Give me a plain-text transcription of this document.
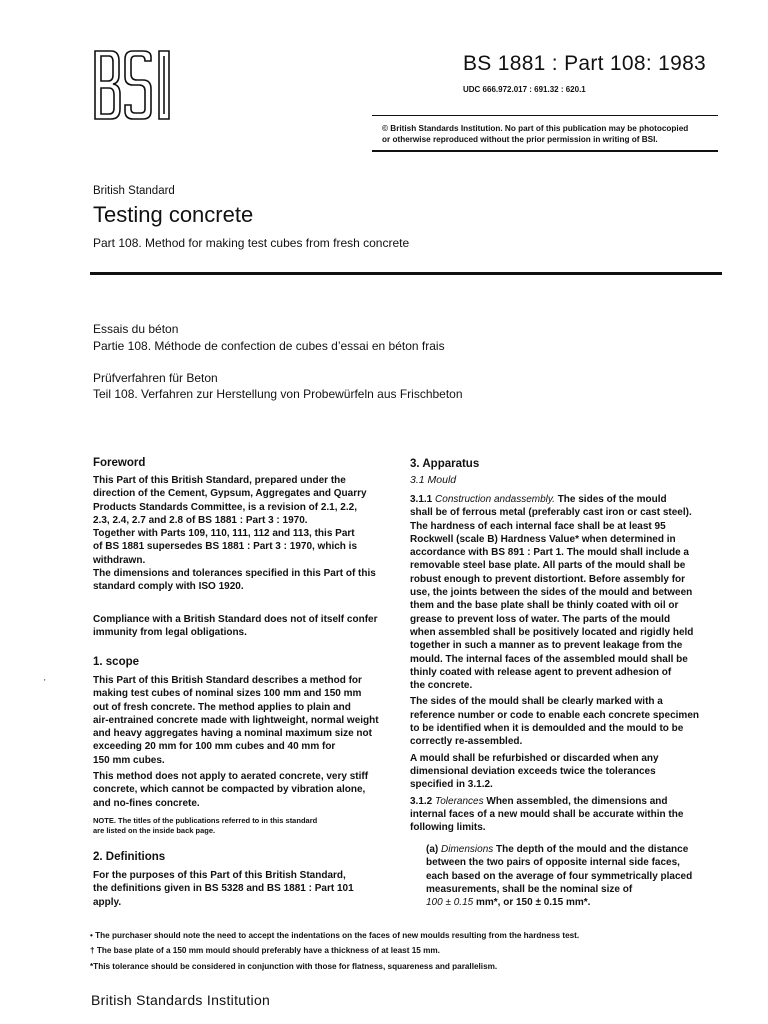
BS 1881 : Part 108: 1983
UDC 666.972.017 : 691.32 : 620.1
© British Standards Institution. No part of this publication may be photocopied
or otherwise reproduced without the prior permission in writing of BSI.
British Standard
Testing concrete
Part 108. Method for making test cubes from fresh concrete
Essais du béton
Partie 108. Méthode de confection de cubes d’essai en béton frais
Prüfverfahren für Beton
Teil 108. Verfahren zur Herstellung von Probewürfeln aus Frischbeton
Foreword

This Part of this British Standard, prepared under the

direction of the Cement, Gypsum, Aggregates and Quarry

Products Standards Committee, is a revision of 2.1, 2.2,

2.3, 2.4, 2.7 and 2.8 of BS 1881 : Part 3 : 1970.

Together with Parts 109, 110, 111, 112 and 113, this Part

of BS 1881 supersedes BS 1881 : Part 3 : 1970, which is

withdrawn.

The dimensions and tolerances specified in this Part of this

standard comply with ISO 1920.

Compliance with a British Standard does not of itself confer

immunity from legal obligations.

'
1. scope

This Part of this British Standard describes a method for

making test cubes of nominal sizes 100 mm and 150 mm

out of fresh concrete. The method applies to plain and

air-entrained concrete made with lightweight, normal weight

and heavy aggregates having a nominal maximum size not

exceeding 20 mm for 100 mm cubes and 40 mm for

150 mm cubes.

This method does not apply to aerated concrete, very stiff

concrete, which cannot be compacted by vibration alone,

and no-fines concrete.

NOTE. The titles of the publications referred to in this standard

are listed on the inside back page.

2. Definitions

For the purposes of this Part of this British Standard,

the definitions given in BS 5328 and BS 1881 : Part 101

apply.

3. Apparatus
3.1 Mould

3.1.1 Construction andassembly. The sides of the mould

shall be of ferrous metal (preferably cast iron or cast steel).

The hardness of each internal face shall be at least 95

Rockwell (scale B) Hardness Value* when determined in

accordance with BS 891 : Part 1. The mould shall include a

removable steel base plate. All parts of the mould shall be

robust enough to prevent distortiont. Before assembly for

use, the joints between the sides of the mould and between

them and the base plate shall be thinly coated with oil or

grease to prevent loss of water. The parts of the mould

when assembled shall be positively located and rigidly held

together in such a manner as to prevent leakage from the

mould. The internal faces of the assembled mould shall be

thinly coated with release agent to prevent adhesion of

the concrete.

The sides of the mould shall be clearly marked with a

reference number or code to enable each concrete specimen

to be identified when it is demoulded and the mould to be

correctly re-assembled.

A mould shall be refurbished or discarded when any

dimensional deviation exceeds twice the tolerances

specified in 3.1.2.

3.1.2 Tolerances When assembled, the dimensions and

internal faces of a new mould shall be accurate within the

following limits.

(a) Dimensions The depth of the mould and the distance

between the two pairs of opposite internal side faces,

each based on the average of four symmetrically placed

measurements, shall be the nominal size of

100 ± 0.15 mm*, or 150 ± 0.15 mm*.

• The purchaser should note the need to accept the indentations on the faces of new moulds resulting from the hardness test.
† The base plate of a 150 mm mould should preferably have a thickness of at least 15 mm.
*This tolerance should be considered in conjunction with those for flatness, squareness and parallelism.
British Standards Institution
